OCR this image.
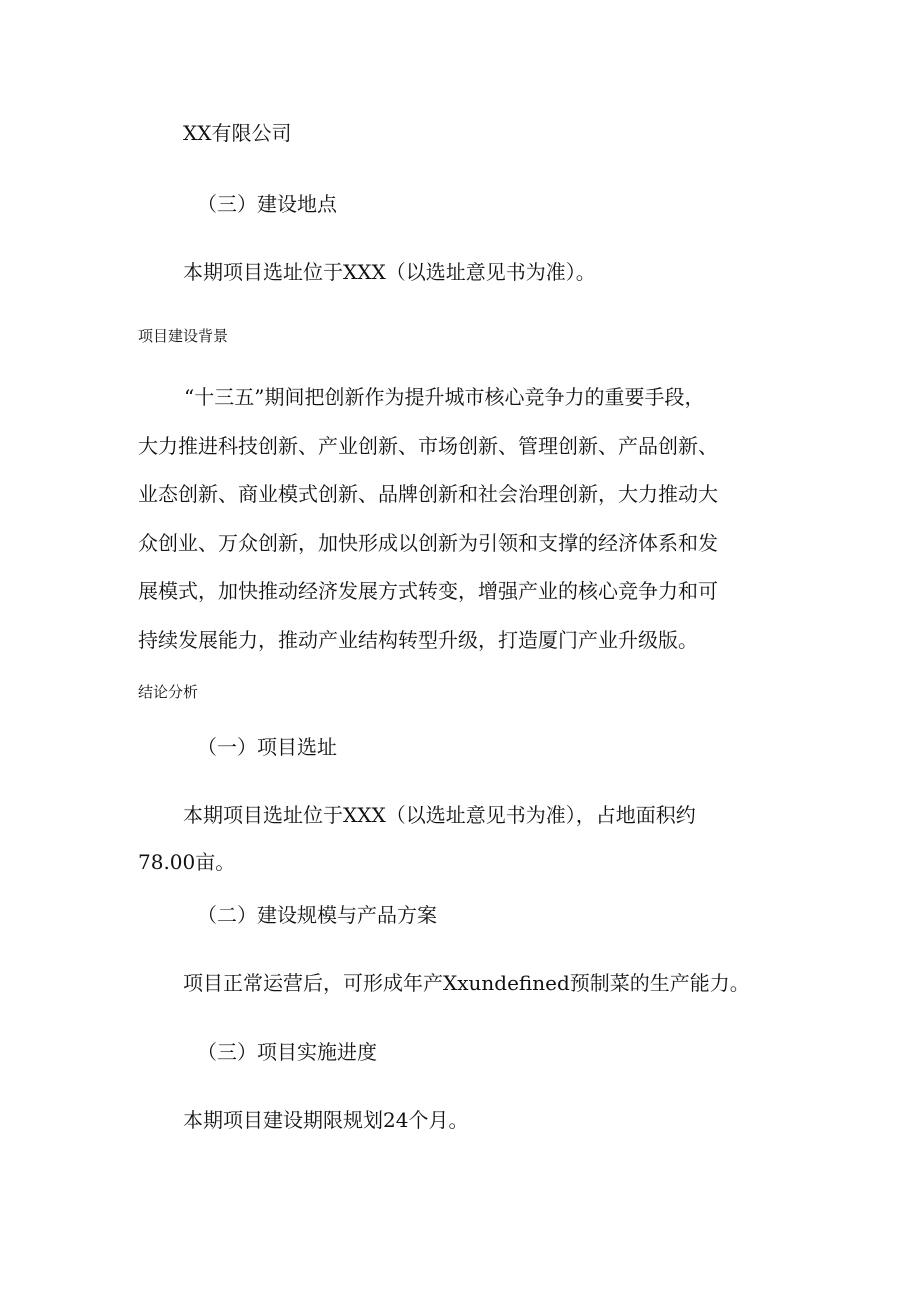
XX有限公司
（三）建设地点
本期项目选址位于XXX（以选址意见书为准）。
项目建设背景
“十三五”期间把创新作为提升城市核心竞争力的重要手段，
大力推进科技创新、产业创新、市场创新、管理创新、产品创新、
业态创新、商业模式创新、品牌创新和社会治理创新，大力推动大
众创业、万众创新，加快形成以创新为引领和支撑的经济体系和发
展模式，加快推动经济发展方式转变，增强产业的核心竞争力和可
持续发展能力，推动产业结构转型升级，打造厦门产业升级版。
结论分析
（一）项目选址
本期项目选址位于XXX（以选址意见书为准），占地面积约
78.00亩。
（二）建设规模与产品方案
项目正常运营后，可形成年产Xxundefined预制菜的生产能力。
（三）项目实施进度
本期项目建设期限规划24个月。
